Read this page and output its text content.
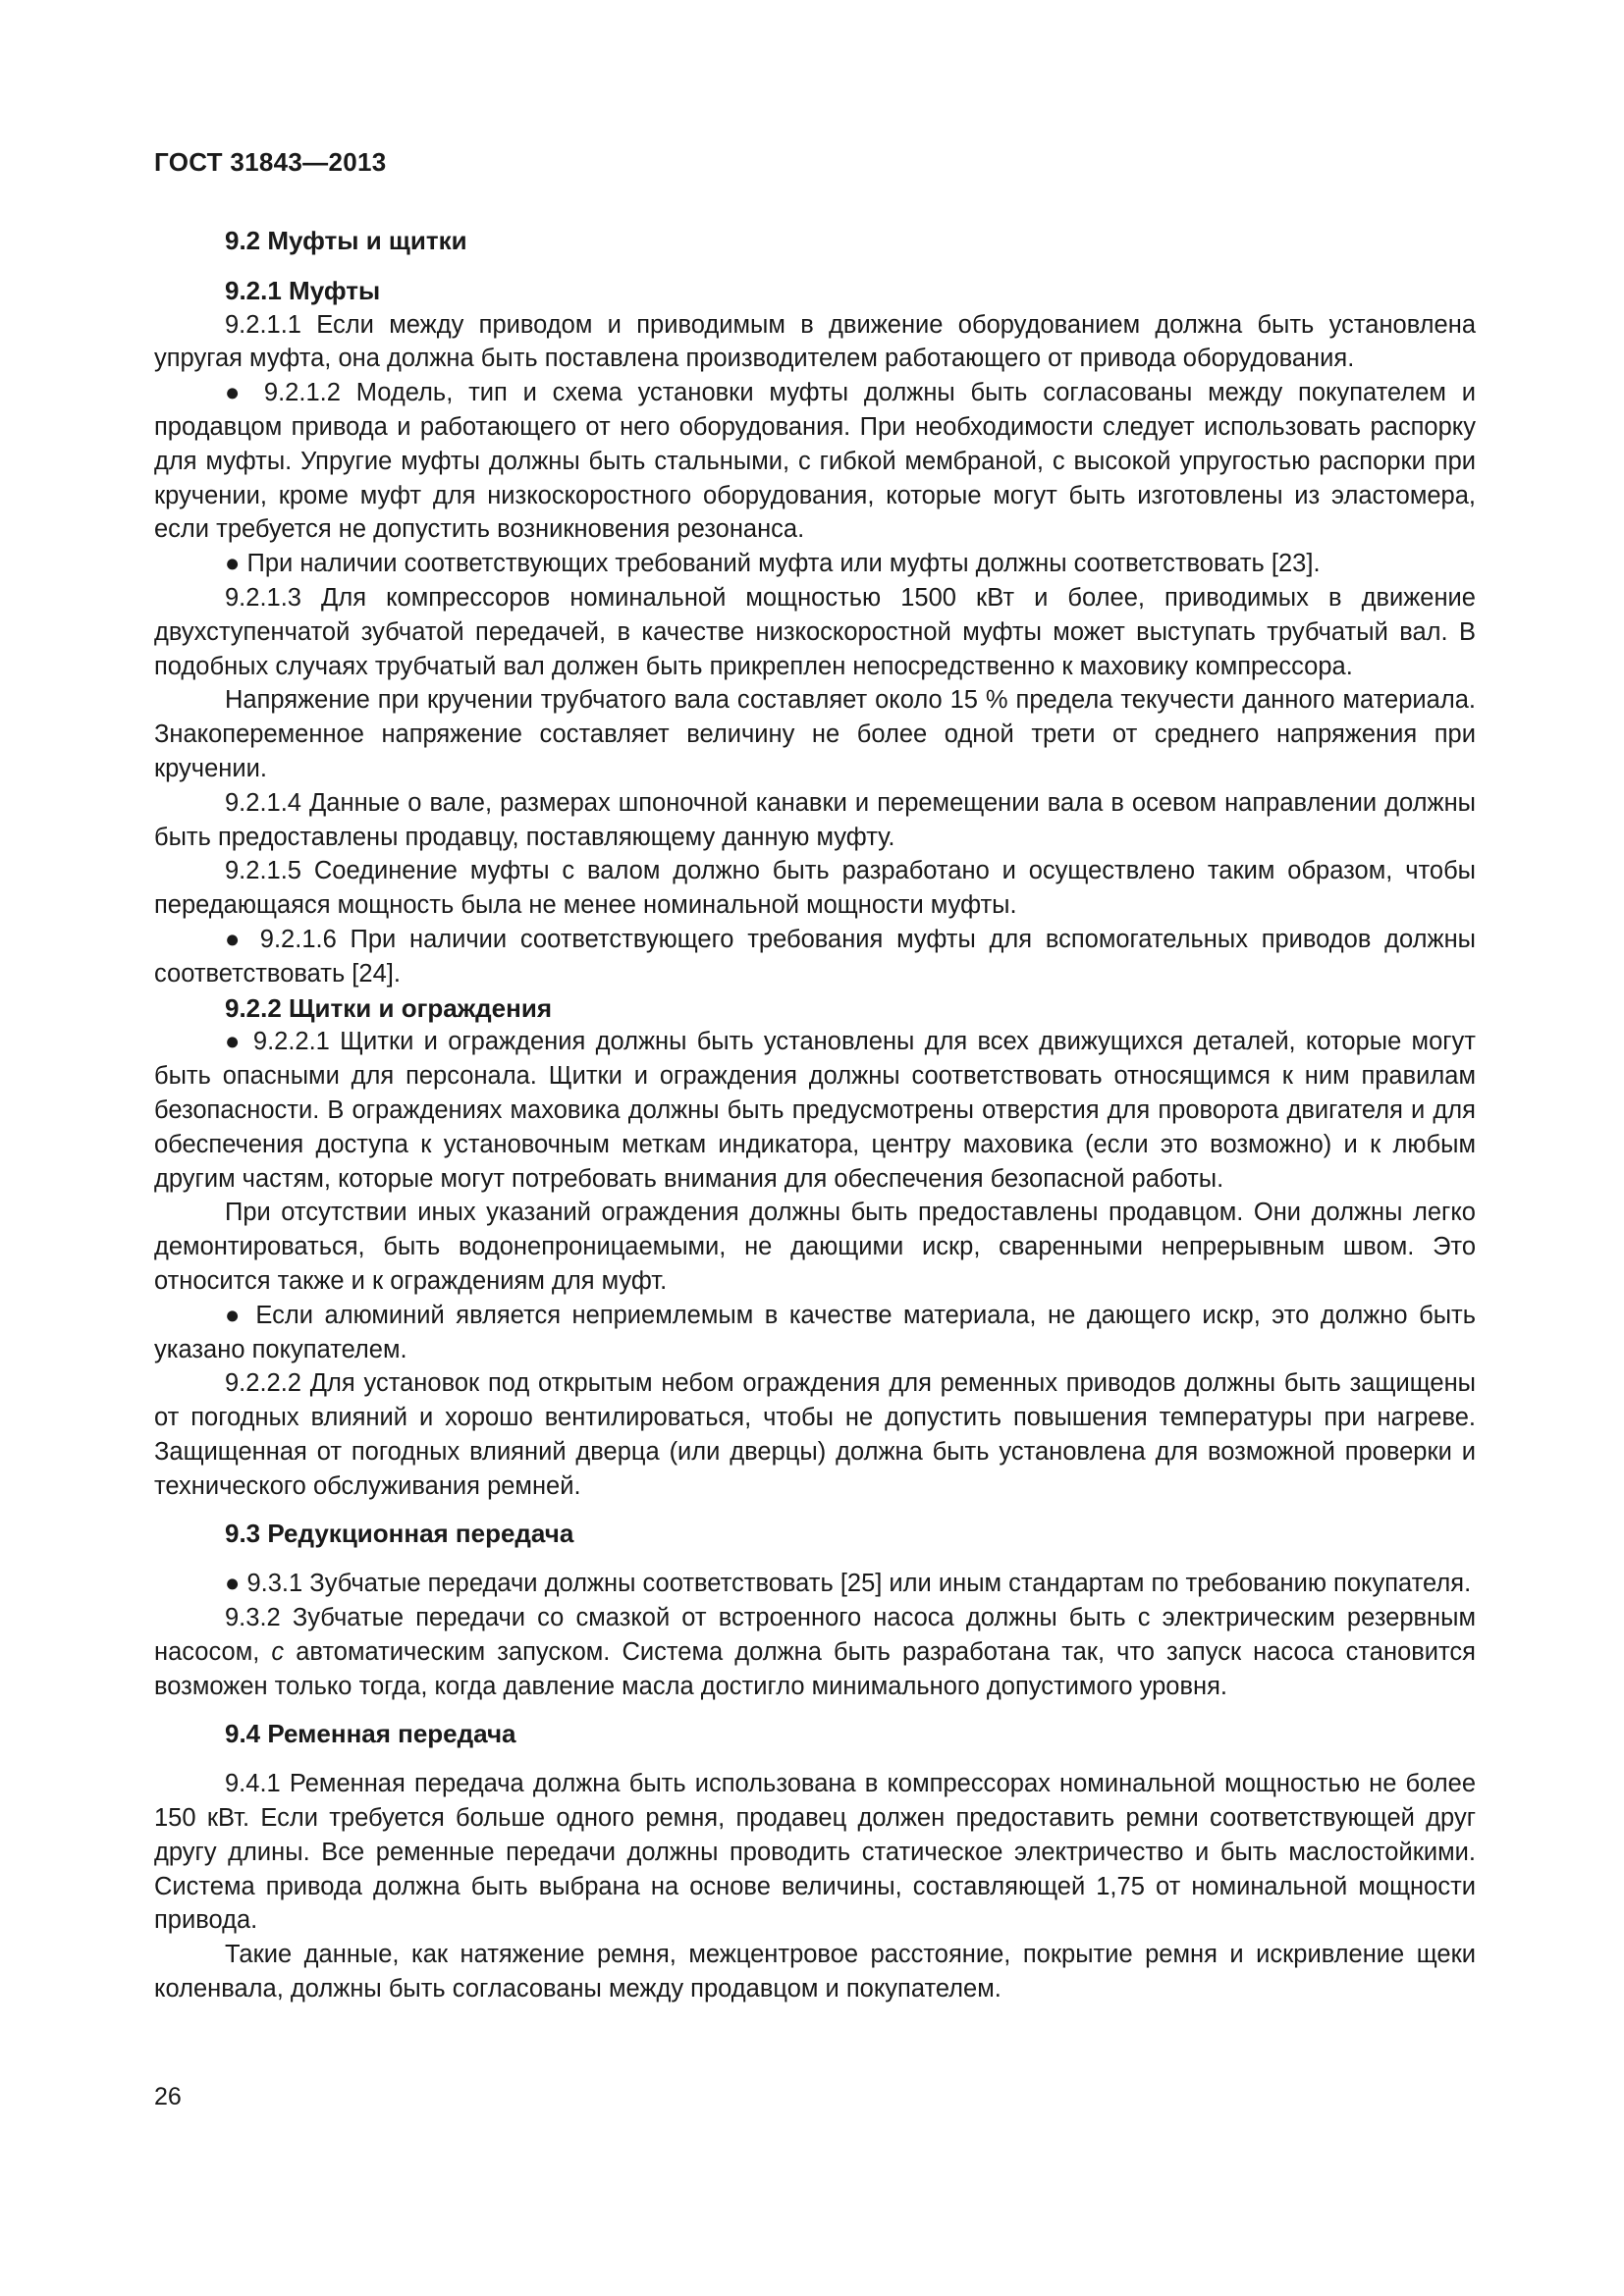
ГОСТ 31843—2013
9.2 Муфты и щитки
9.2.1 Муфты

9.2.1.1 Если между приводом и приводимым в движение оборудованием должна быть установлена упругая муфта, она должна быть поставлена производителем работающего от привода оборудования.

● 9.2.1.2 Модель, тип и схема установки муфты должны быть согласованы между покупателем и продавцом привода и работающего от него оборудования. При необходимости следует использовать распорку для муфты. Упругие муфты должны быть стальными, с гибкой мембраной, с высокой упругостью распорки при кручении, кроме муфт для низкоскоростного оборудования, которые могут быть изготовлены из эластомера, если требуется не допустить возникновения резонанса.

● При наличии соответствующих требований муфта или муфты должны соответствовать [23].

9.2.1.3 Для компрессоров номинальной мощностью 1500 кВт и более, приводимых в движение двухступенчатой зубчатой передачей, в качестве низкоскоростной муфты может выступать трубчатый вал. В подобных случаях трубчатый вал должен быть прикреплен непосредственно к маховику компрессора.

Напряжение при кручении трубчатого вала составляет около 15 % предела текучести данного материала. Знакопеременное напряжение составляет величину не более одной трети от среднего напряжения при кручении.

9.2.1.4 Данные о вале, размерах шпоночной канавки и перемещении вала в осевом направлении должны быть предоставлены продавцу, поставляющему данную муфту.

9.2.1.5 Соединение муфты с валом должно быть разработано и осуществлено таким образом, чтобы передающаяся мощность была не менее номинальной мощности муфты.

● 9.2.1.6 При наличии соответствующего требования муфты для вспомогательных приводов должны соответствовать [24].

9.2.2 Щитки и ограждения

● 9.2.2.1 Щитки и ограждения должны быть установлены для всех движущихся деталей, которые могут быть опасными для персонала. Щитки и ограждения должны соответствовать относящимся к ним правилам безопасности. В ограждениях маховика должны быть предусмотрены отверстия для проворота двигателя и для обеспечения доступа к установочным меткам индикатора, центру маховика (если это возможно) и к любым другим частям, которые могут потребовать внимания для обеспечения безопасной работы.

При отсутствии иных указаний ограждения должны быть предоставлены продавцом. Они должны легко демонтироваться, быть водонепроницаемыми, не дающими искр, сваренными непрерывным швом. Это относится также и к ограждениям для муфт.

● Если алюминий является неприемлемым в качестве материала, не дающего искр, это должно быть указано покупателем.

9.2.2.2 Для установок под открытым небом ограждения для ременных приводов должны быть защищены от погодных влияний и хорошо вентилироваться, чтобы не допустить повышения температуры при нагреве. Защищенная от погодных влияний дверца (или дверцы) должна быть установлена для возможной проверки и технического обслуживания ремней.

9.3 Редукционная передача

● 9.3.1 Зубчатые передачи должны соответствовать [25] или иным стандартам по требованию покупателя.

9.3.2 Зубчатые передачи со смазкой от встроенного насоса должны быть с электрическим резервным насосом, с автоматическим запуском. Система должна быть разработана так, что запуск насоса становится возможен только тогда, когда давление масла достигло минимального допустимого уровня.

9.4 Ременная передача

9.4.1 Ременная передача должна быть использована в компрессорах номинальной мощностью не более 150 кВт. Если требуется больше одного ремня, продавец должен предоставить ремни соответствующей друг другу длины. Все ременные передачи должны проводить статическое электричество и быть маслостойкими. Система привода должна быть выбрана на основе величины, составляющей 1,75 от номинальной мощности привода.

Такие данные, как натяжение ремня, межцентровое расстояние, покрытие ремня и искривление щеки коленвала, должны быть согласованы между продавцом и покупателем.

26
